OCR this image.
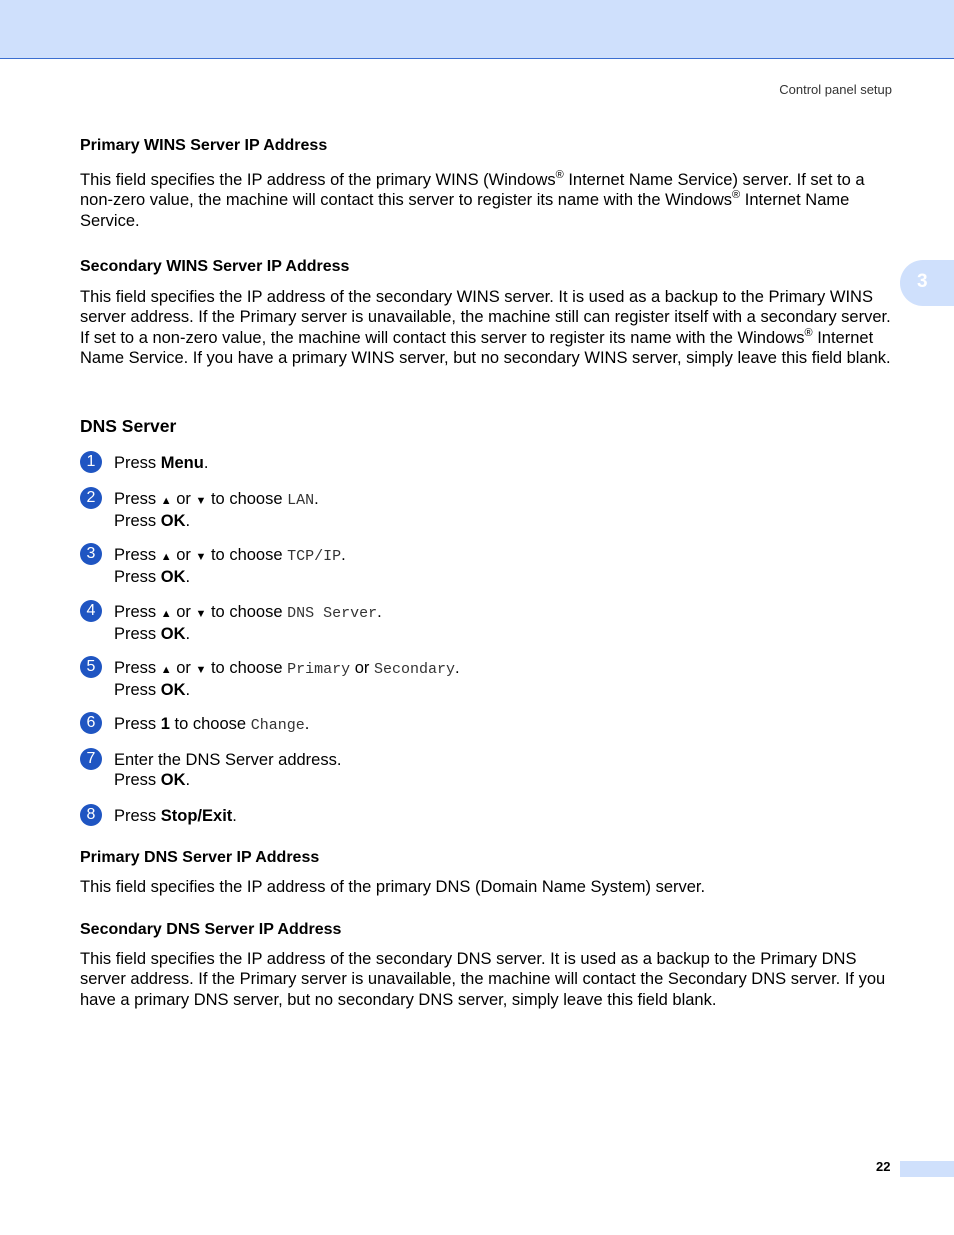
Control panel setup
3
Primary WINS Server IP Address

This field specifies the IP address of the primary WINS (Windows® Internet Name Service) server. If set to a non-zero value, the machine will contact this server to register its name with the Windows® Internet Name Service.

Secondary WINS Server IP Address

This field specifies the IP address of the secondary WINS server. It is used as a backup to the Primary WINS server address. If the Primary server is unavailable, the machine still can register itself with a secondary server. If set to a non-zero value, the machine will contact this server to register its name with the Windows® Internet Name Service. If you have a primary WINS server, but no secondary WINS server, simply leave this field blank.

DNS Server
1	Press Menu.
2	Press ▲ or ▼ to choose LAN.
Press OK.
3	Press ▲ or ▼ to choose TCP/IP.
Press OK.
4	Press ▲ or ▼ to choose DNS Server.
Press OK.
5	Press ▲ or ▼ to choose Primary or Secondary.
Press OK.
6	Press 1 to choose Change.
7	Enter the DNS Server address.
Press OK.
8	Press Stop/Exit.
Primary DNS Server IP Address

This field specifies the IP address of the primary DNS (Domain Name System) server.

Secondary DNS Server IP Address

This field specifies the IP address of the secondary DNS server. It is used as a backup to the Primary DNS server address. If the Primary server is unavailable, the machine will contact the Secondary DNS server. If you have a primary DNS server, but no secondary DNS server, simply leave this field blank.

22
